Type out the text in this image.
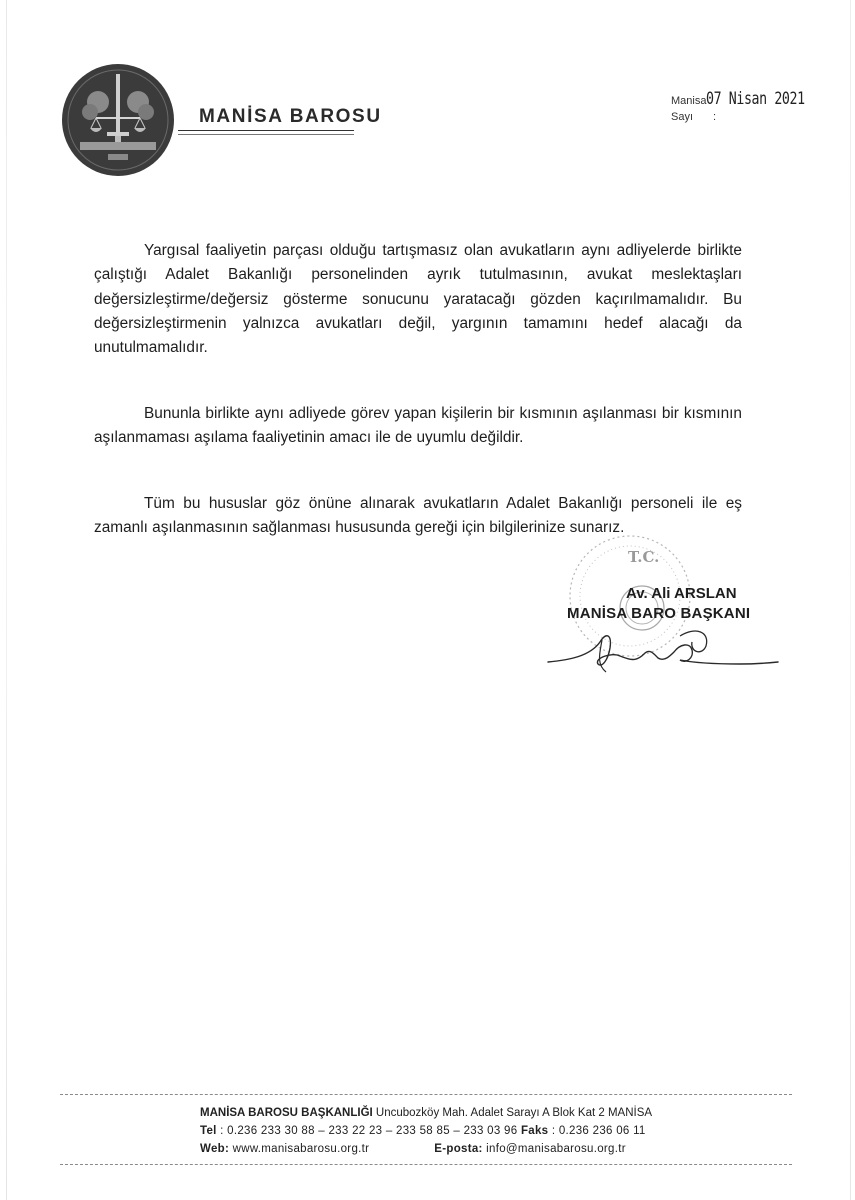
MANİSA BAROSU
Manisa 07 Nisan 2021
Sayı :
Yargısal faaliyetin parçası olduğu tartışmasız olan avukatların aynı adliyelerde birlikte çalıştığı Adalet Bakanlığı personelinden ayrık tutulmasının, avukat meslektaşları değersizleştirme/değersiz gösterme sonucunu yaratacağı gözden kaçırılmamalıdır. Bu değersizleştirmenin yalnızca avukatları değil, yargının tamamını hedef alacağı da unutulmamalıdır.
Bununla birlikte aynı adliyede görev yapan kişilerin bir kısmının aşılanması bir kısmının aşılanmaması aşılama faaliyetinin amacı ile de uyumlu değildir.
Tüm bu hususlar göz önüne alınarak avukatların Adalet Bakanlığı personeli ile eş zamanlı aşılanmasının sağlanması hususunda gereği için bilgilerinize sunarız.
T.C.
Av. Ali ARSLAN
MANİSA BARO BAŞKANI
MANİSA BAROSU BAŞKANLIĞI Uncubozköy Mah. Adalet Sarayı A Blok Kat 2 MANİSA
Tel : 0.236 233 30 88 – 233 22 23 – 233 58 85 – 233 03 96 Faks : 0.236 236 06 11
Web: www.manisabarosu.org.tr	E-posta: info@manisabarosu.org.tr
